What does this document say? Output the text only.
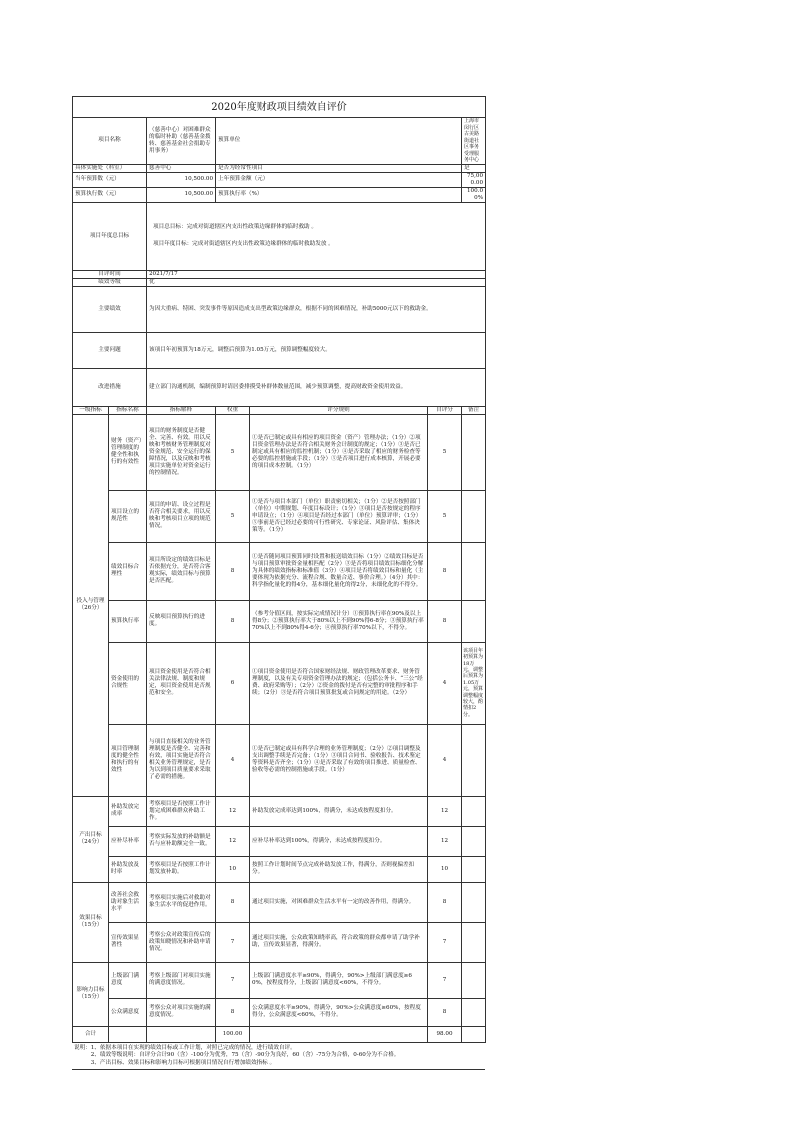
2020年度财政项目绩效自评价						
项目名称		（慈善中心）对困难群众的临时补助（慈善基金拨转、慈善基金社会捐助专用事务）	预算单位			上海市闵行区古美路街道社区事务受理服务中心
具体实施处（科室）		慈善中心	是否为经常性项目			是
当年预算数（元）		10,500.00	上年预算金额（元）			75,000.00
预算执行数（元）		10,500.00	预算执行率（%）			100.00%
项目年度总目标		项目总目标：完成对街道辖区内支出性政策边缘群体的临时救助 。
项目年度目标：完成对街道辖区内支出性政策边缘群体的临时救助发放 。				

自评时间		2021/7/17				
绩效等级		优				
主要绩效		为因大重病、特困、突发事件等原因造成支出型政策边缘群众，根据不同的困难情况，补助5000元以下的救助金。				
主要问题		该项目年初预算为18万元，调整后预算为1.05万元，预算调整幅度较大。				
改进措施		建立部门沟通机制，编制预算时请居委排摸受补群体数量范围，减少预算调整，提高财政资金使用效益。				
一级指标	指标名称	指标解释	权重	评分规则	自评分	备注
投入与管理（26分）	财务（资产）管理制度的健全性和执行的有效性	项目的财务制度是否健全、完善、有效。用以反映和考核财务管理制度对资金规范、安全运行的保障情况，以及反映和考核项目实施单位对资金运行的控制情况。	5	①是否已制定或具有相应的项目资金（资产）管理办法；（1分）②项目资金管理办法是否符合相关财务会计制度的规定；（1分）③是否已制定或具有相应的监控机制；（1分）④是否采取了相应的财务检查等必要的监控措施或手段；（1分）⑤是否项目进行成本核算，开展必要的项目成本控制。（1分）	5	
	项目设立的规范性	项目的申请、设立过程是否符合相关要求，用以反映和考核项目立项的规范情况。	5	①是否与项目本部门（单位）职责密切相关；（1分）②是否按照部门（单位）中期规划、年度目标设计；（1分）③项目是否按规定的程序申请设立；（1分）④项目是否经过本部门（单位）预算评审；（1分）⑤事前是否已经过必要的可行性研究、专家论证、风险评估、集体决策等。（1分）	5	
	绩效目标合理性	项目所设定的绩效目标是否依据充分，是否符合客观实际，绩效目标与预算是否匹配。	8	①是否随同项目预算同时设置和报送绩效目标（1分）②绩效目标是否与项目预算审批资金量相匹配（2分）③是否将项目绩效目标细化分解为具体的绩效指标和标准值（3分）④项目是否将绩效目标和量化（主要体现为依据充分、流程合规、数量合适、事价合理。）（4分）其中：科学指化量化的得4分，基本细化量化的得2分，未细化化的不得分。	8	
	预算执行率	反映项目预算执行的进度。	8	（参考分值区间，按实际完成情况计分）①预算执行率在90%及以上得8分；②预算执行率大于80%以上不到90%得6-8分；③预算执行率70%以上不到80%得4-6分；④预算执行率70%以下，不得分。	8	
	资金使用的合规性	项目资金使用是否符合相关法律法规、制度和规定，项目资金使用是否规范和安全。	6	①项目资金使用是否符合国家财经法规、财政管理改革要求、财务管理制度，以及有关专项资金管理办法的规定；（包括公务卡、“三公”经费、政府采购等）；（2分）②资金的拨付是否有完整的审批程序和手续；（2分）③是否符合项目预算批复或合同规定的用途。（2分）	4	该项目年初预算为18万元，调整后预算为1.05万元，预算调整幅度较大，酌情扣2分。
	项目管理制度的健全性和执行的有效性	与项目直接相关的业务管理制度是否健全、完善和有效，项目实施是否符合相关业务管理规定，是否为以到项目质量要求采取了必需的措施。	4	①是否已制定或具有科学合理的业务管理制度；（2分）②项目调整及支出调整手续是否完备；（1分）③项目合同书、验收报告、技术鉴定等资料是否齐全；（1分）④是否采取了有效的项目推进、质量检查、验收等必需的控制措施或手段。（1分）	4	
产出目标（24分）	补助发放完成率	考察项目是否按照工作计划完成困难群众补助工作。	12	补助发放完成率达到100%，得满分，未达成按程度扣分。	12	
	应补尽补率	考察实际发放的补助额是否与应补助额完全一致。	12	应补尽补率达到100%，得满分，未达成按程度扣分。	12	
	补助发放及时率	考察项目是否按照工作计划发放补助。	10	按照工作计划时间节点完成补助发放工作，得满分，否则视偏差扣分。	10	
效果目标（15分）	改善社会救助对象生活水平	考察项目实施后对救助对象生活水平的促进作用。	8	通过项目实施，对困难群众生活水平有一定的改善作用，得满分。	8	
	宣传效果显著性	考察公众对政策宣传后的政策知晓情况和补助申请情况。	7	通过项目实施，公众政策知晓率高，符合政策的群众都申请了助学补助，宣传效果显著，得满分。	7	
影响力目标（15分）	上级部门满意度	考察上级部门对项目实施的满意度情况。	7	上级部门满意度水平≥90%，得满分，90%>上级部门满意度≥60%，按程度得分，上级部门满意度<60%，不得分。	7	
	公众满意度	考察公众对项目实施的满意度情况。	8	公众满意度水平≥90%，得满分，90%>公众满意度≥60%，按程度得分，公众满意度<60%，不得分。	8	
合计			100.00		98.00	
说明：1、依据本项目在实现的绩效目标或工作计划，对照已完成的情况，进行绩效自评。
　　　2、绩效等级说明：自评分合计90（含）-100分为优秀，75（含）-90分为良好，60（含）-75分为合格，0-60分为不合格。
　　　3、产出目标、效果目标和影响力目标可根据项目情况自行增加绩效指标 。
